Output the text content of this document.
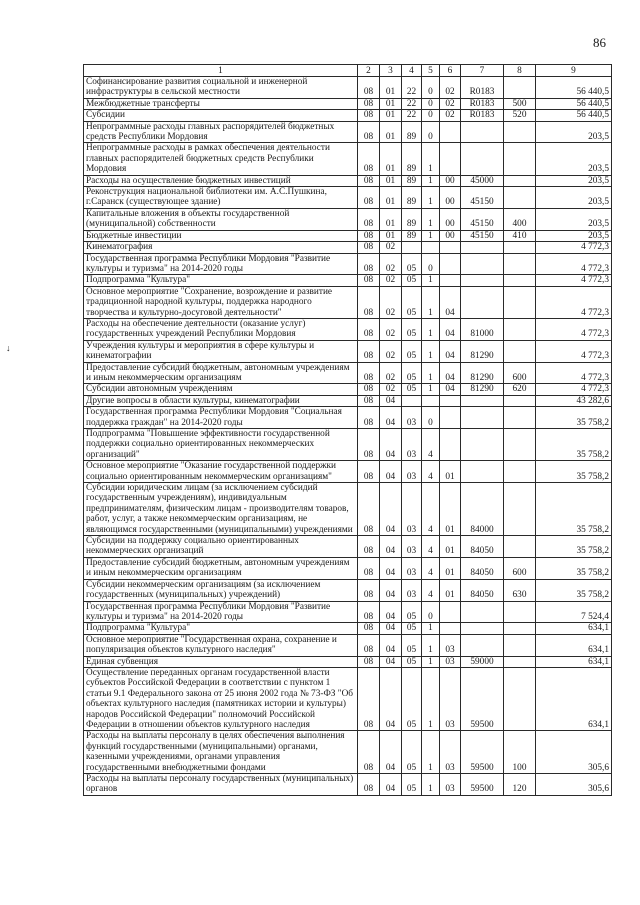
86
↓
1	2	3	4	5	6	7	8	9
Софинансирование развития социальной и инженерной инфраструктуры в сельской местности	08	01	22	0	02	R0183		56 440,5
Межбюджетные трансферты	08	01	22	0	02	R0183	500	56 440,5
Субсидии	08	01	22	0	02	R0183	520	56 440,5
Непрограммные расходы главных распорядителей бюджетных средств Республики Мордовия	08	01	89	0				203,5
Непрограммные расходы в рамках обеспечения деятельности главных распорядителей бюджетных средств Республики Мордовия	08	01	89	1				203,5
Расходы на осуществление бюджетных инвестиций	08	01	89	1	00	45000		203,5
Реконструкция национальной библиотеки им. А.С.Пушкина, г.Саранск (существующее здание)	08	01	89	1	00	45150		203,5
Капитальные вложения в объекты государственной (муниципальной) собственности	08	01	89	1	00	45150	400	203,5
Бюджетные инвестиции	08	01	89	1	00	45150	410	203,5
Кинематография	08	02						4 772,3
Государственная программа Республики Мордовия "Развитие культуры и туризма" на 2014-2020 годы	08	02	05	0				4 772,3
Подпрограмма "Культура"	08	02	05	1				4 772,3
Основное мероприятие "Сохранение, возрождение и развитие традиционной народной культуры, поддержка народного творчества и культурно-досуговой деятельности"	08	02	05	1	04			4 772,3
Расходы на обеспечение деятельности (оказание услуг) государственных учреждений Республики Мордовия	08	02	05	1	04	81000		4 772,3
Учреждения культуры и мероприятия в сфере культуры и кинематографии	08	02	05	1	04	81290		4 772,3
Предоставление субсидий бюджетным, автономным учреждениям и иным некоммерческим организациям	08	02	05	1	04	81290	600	4 772,3
Субсидии автономным учреждениям	08	02	05	1	04	81290	620	4 772,3
Другие вопросы в области культуры, кинематографии	08	04						43 282,6
Государственная программа Республики Мордовия "Социальная поддержка граждан" на 2014-2020 годы	08	04	03	0				35 758,2
Подпрограмма "Повышение эффективности государственной поддержки социально ориентированных некоммерческих организаций"	08	04	03	4				35 758,2
Основное мероприятие "Оказание государственной поддержки социально ориентированным некоммерческим организациям"	08	04	03	4	01			35 758,2
Субсидии юридическим лицам (за исключением субсидий государственным учреждениям), индивидуальным предпринимателям, физическим лицам - производителям товаров, работ, услуг, а также некоммерческим организациям, не являющимся государственными (муниципальными) учреждениями	08	04	03	4	01	84000		35 758,2
Субсидии на поддержку социально ориентированных некоммерческих организаций	08	04	03	4	01	84050		35 758,2
Предоставление субсидий бюджетным, автономным учреждениям и иным некоммерческим организациям	08	04	03	4	01	84050	600	35 758,2
Субсидии некоммерческим организациям (за исключением государственных (муниципальных) учреждений)	08	04	03	4	01	84050	630	35 758,2
Государственная программа Республики Мордовия "Развитие культуры и туризма" на 2014-2020 годы	08	04	05	0				7 524,4
Подпрограмма "Культура"	08	04	05	1				634,1
Основное мероприятие "Государственная охрана, сохранение и популяризация объектов культурного наследия"	08	04	05	1	03			634,1
Единая субвенция	08	04	05	1	03	59000		634,1
Осуществление переданных органам государственной власти субъектов Российской Федерации в соответствии с пунктом 1 статьи 9.1 Федерального закона от 25 июня 2002 года № 73-ФЗ "Об объектах культурного наследия (памятниках истории и культуры) народов Российской Федерации" полномочий Российской Федерации в отношении объектов культурного наследия	08	04	05	1	03	59500		634,1
Расходы на выплаты персоналу в целях обеспечения выполнения функций государственными (муниципальными) органами, казенными учреждениями, органами управления государственными внебюджетными фондами	08	04	05	1	03	59500	100	305,6
Расходы на выплаты персоналу государственных (муниципальных) органов	08	04	05	1	03	59500	120	305,6
